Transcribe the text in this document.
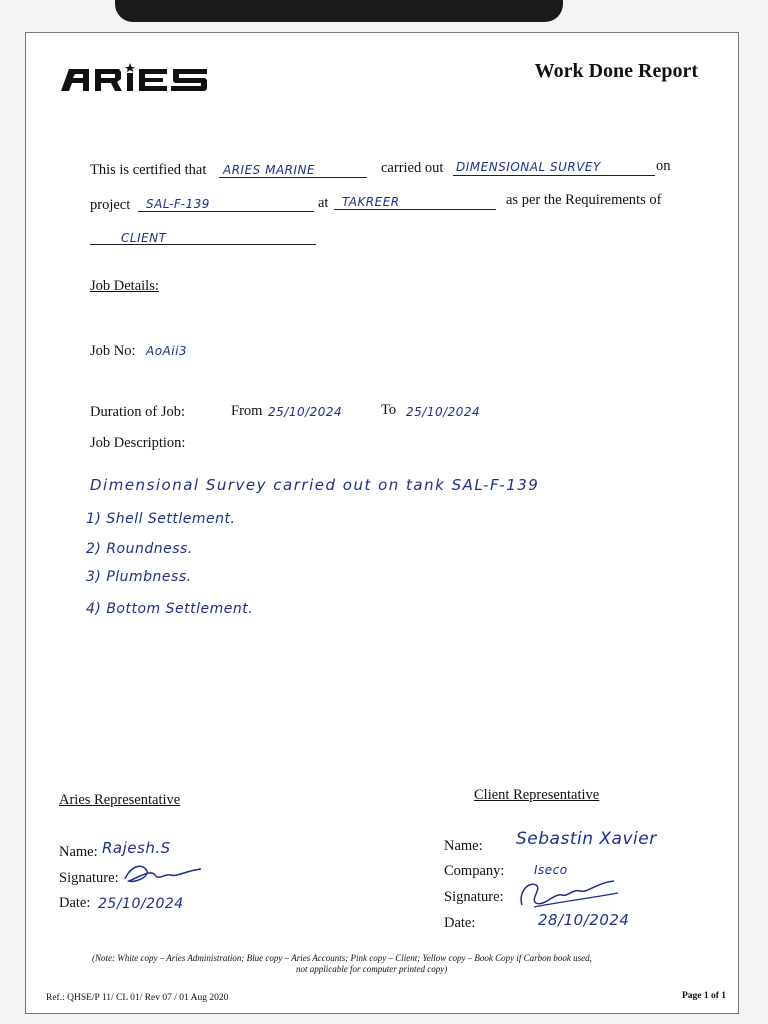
Work Done Report
This is certified that ARIES MARINE	carried out DIMENSIONAL SURVEY	on
project SAL-F-139	at TAKREER	as per the Requirements of
CLIENT
Job Details:
Job No: AoAii3
Duration of Job:	From 25/10/2024	To 25/10/2024
Job Description:
Dimensional Survey carried out on tank SAL-F-139
1) Shell Settlement.
2) Roundness.
3) Plumbness.
4) Bottom Settlement.
Aries Representative
Name: Rajesh.S
Signature:
Date: 25/10/2024
Client Representative
Name: Sebastin Xavier
Company: Iseco
Signature:
Date:	28/10/2024
(Note: White copy – Aries Administration; Blue copy – Aries Accounts; Pink copy – Client; Yellow copy – Book Copy if Carbon book used,
not applicable for computer printed copy)
Ref.: QHSE/P 11/ CL 01/ Rev 07 / 01 Aug 2020	Page 1 of 1
